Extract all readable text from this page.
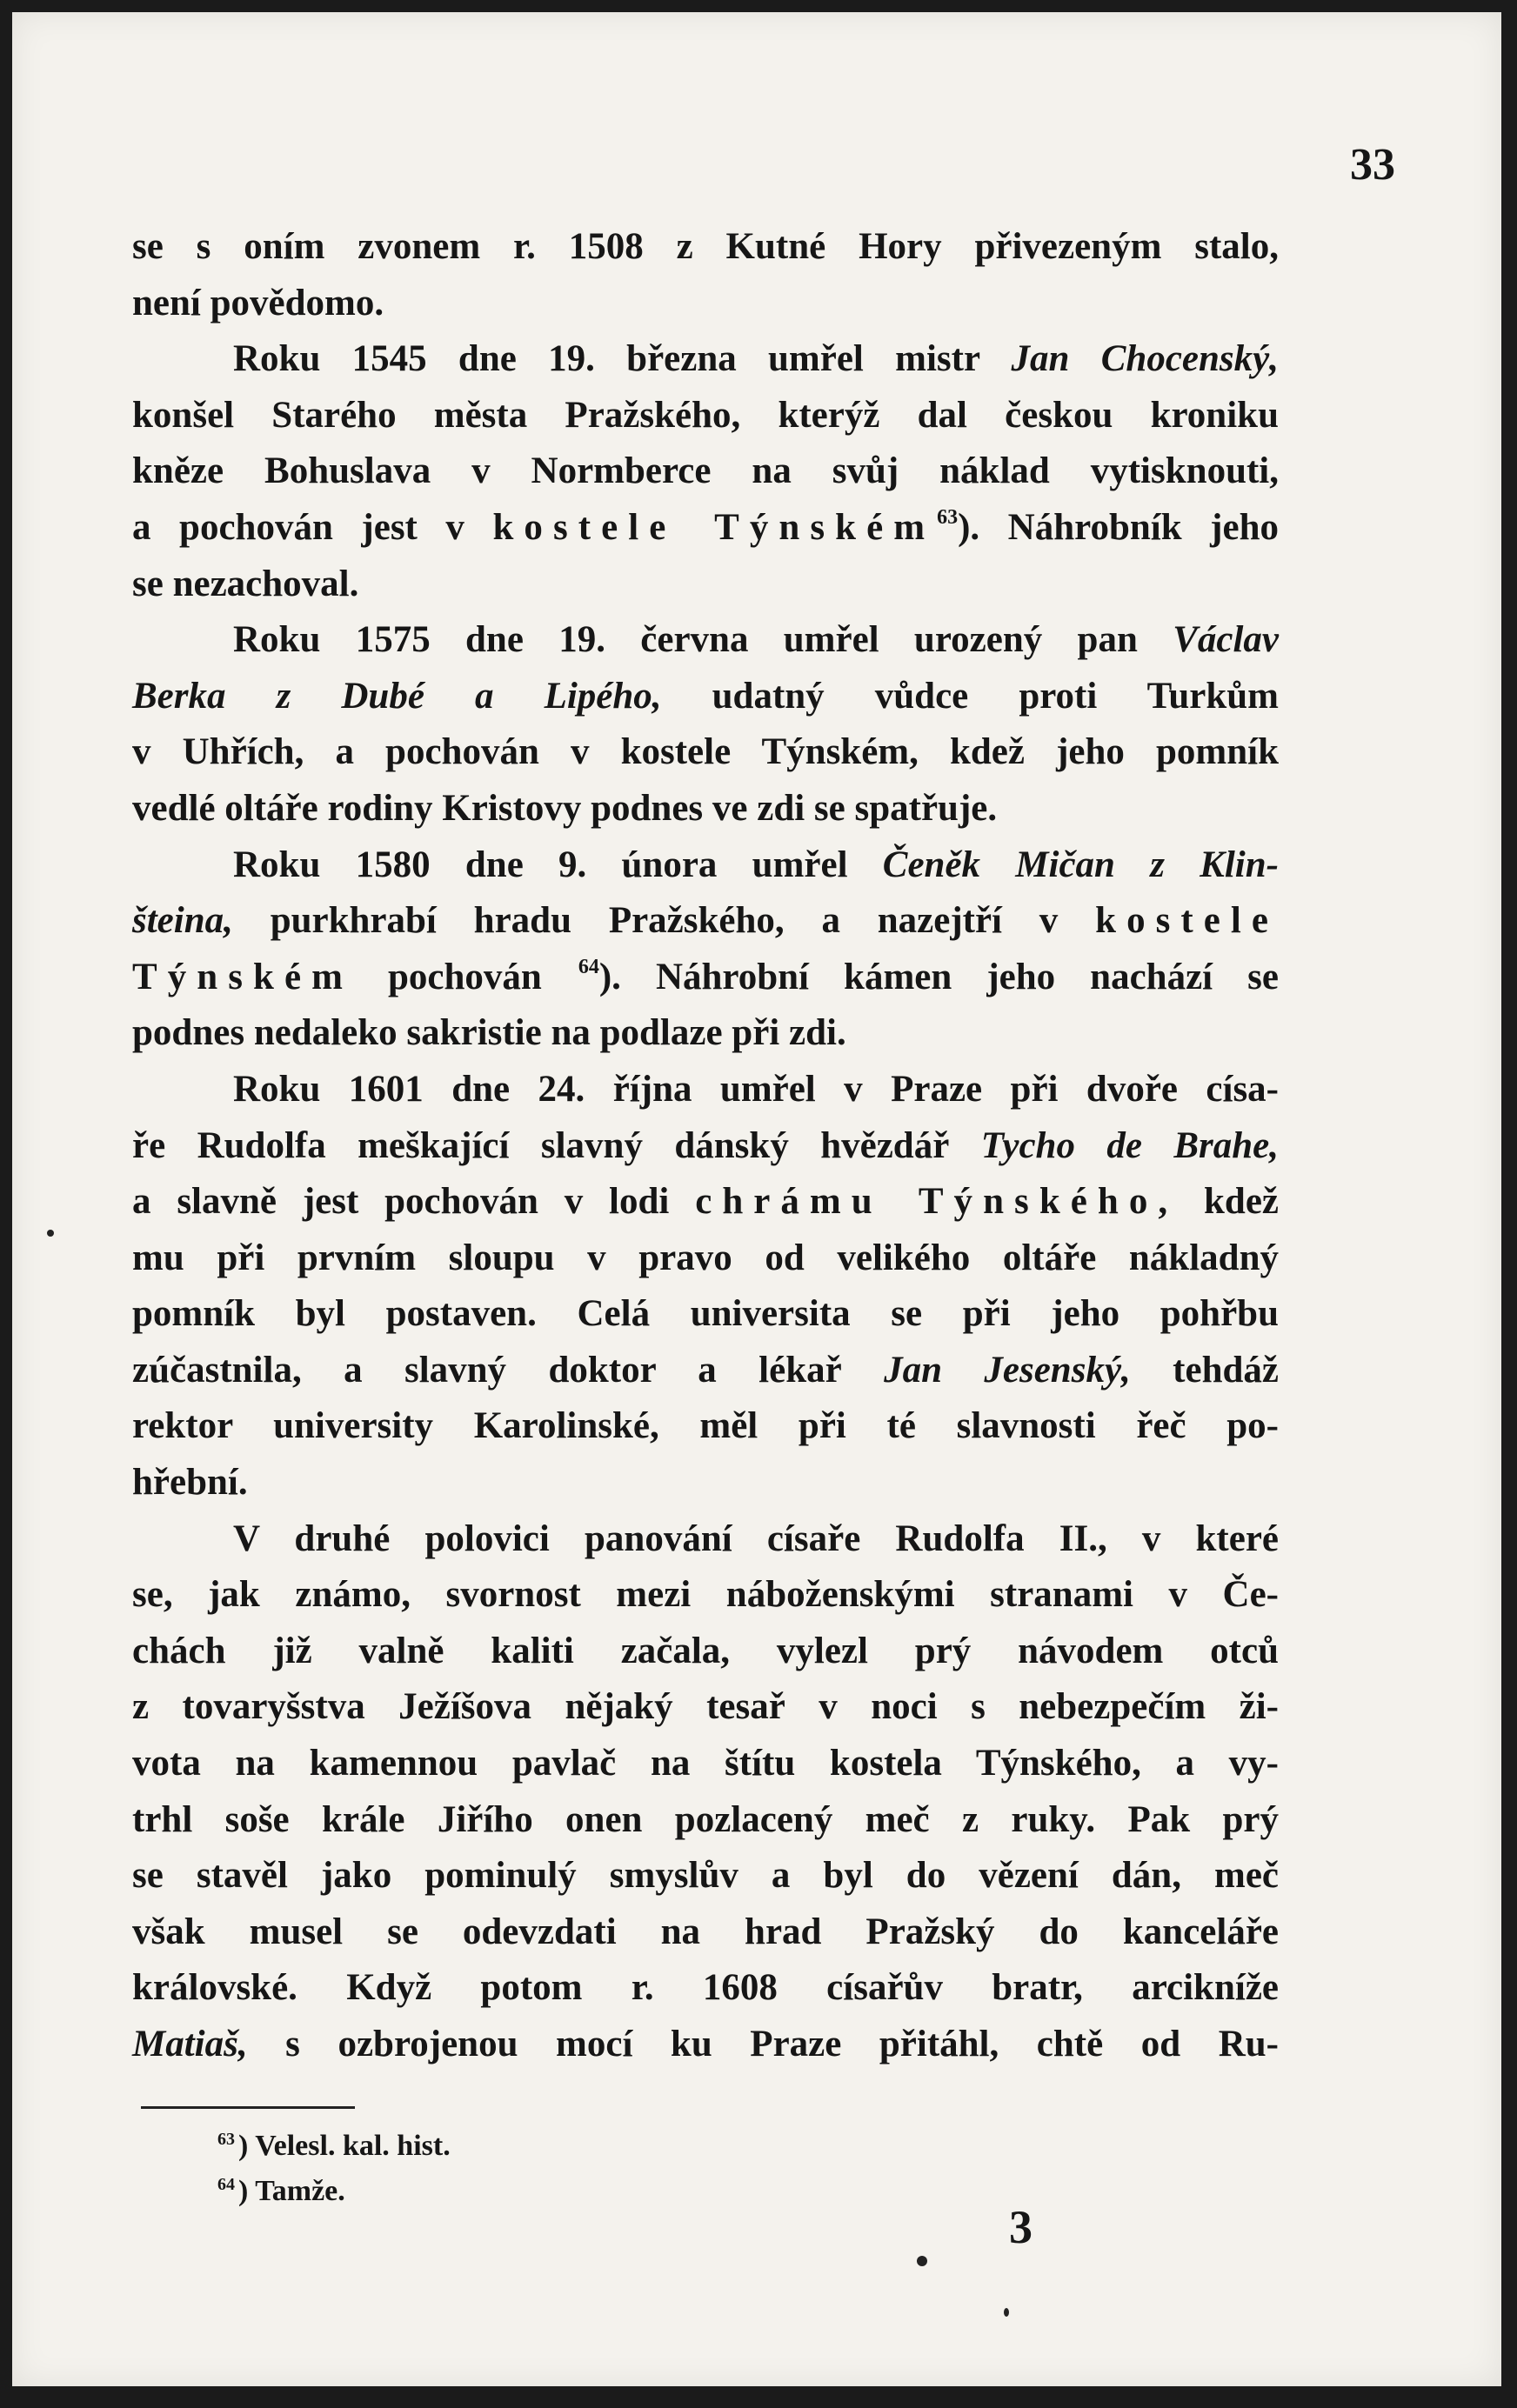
33
se s oním zvonem r. 1508 z Kutné Hory přivezeným stalo,
není povědomo.
Roku 1545 dne 19. března umřel mistr Jan Chocenský,
konšel Starého města Pražského, kterýž dal českou kroniku
kněze Bohuslava v Normberce na svůj náklad vytisknouti,
a pochován jest v kostele Týnském$^{63}$). Náhrobník jeho
se nezachoval.
Roku 1575 dne 19. června umřel urozený pan Václav
Berka z Dubé a Lipého, udatný vůdce proti Turkům
v Uhřích, a pochován v kostele Týnském, kdež jeho pomník
vedlé oltáře rodiny Kristovy podnes ve zdi se spatřuje.
Roku 1580 dne 9. února umřel Čeněk Mičan z Klin-
šteina, purkhrabí hradu Pražského, a nazejtří v kostele
Týnském pochován $^{64}$). Náhrobní kámen jeho nachází se
podnes nedaleko sakristie na podlaze při zdi.
Roku 1601 dne 24. října umřel v Praze při dvoře císa-
ře Rudolfa meškající slavný dánský hvězdář Tycho de Brahe,
a slavně jest pochován v lodi chrámu Týnského, kdež
mu při prvním sloupu v pravo od velikého oltáře nákladný
pomník byl postaven. Celá universita se při jeho pohřbu
zúčastnila, a slavný doktor a lékař Jan Jesenský, tehdáž
rektor university Karolinské, měl při té slavnosti řeč po-
hřební.
V druhé polovici panování císaře Rudolfa II., v které
se, jak známo, svornost mezi náboženskými stranami v Če-
chách již valně kaliti začala, vylezl prý návodem otců
z tovaryšstva Ježíšova nějaký tesař v noci s nebezpečím ži-
vota na kamennou pavlač na štítu kostela Týnského, a vy-
trhl soše krále Jiřího onen pozlacený meč z ruky. Pak prý
se stavěl jako pominulý smyslův a byl do vězení dán, meč
však musel se odevzdati na hrad Pražský do kanceláře
královské. Když potom r. 1608 císařův bratr, arcikníže
Matiaš, s ozbrojenou mocí ku Praze přitáhl, chtě od Ru-
$^{63}$ ) Velesl. kal. hist.
$^{64}$ ) Tamže.
3
